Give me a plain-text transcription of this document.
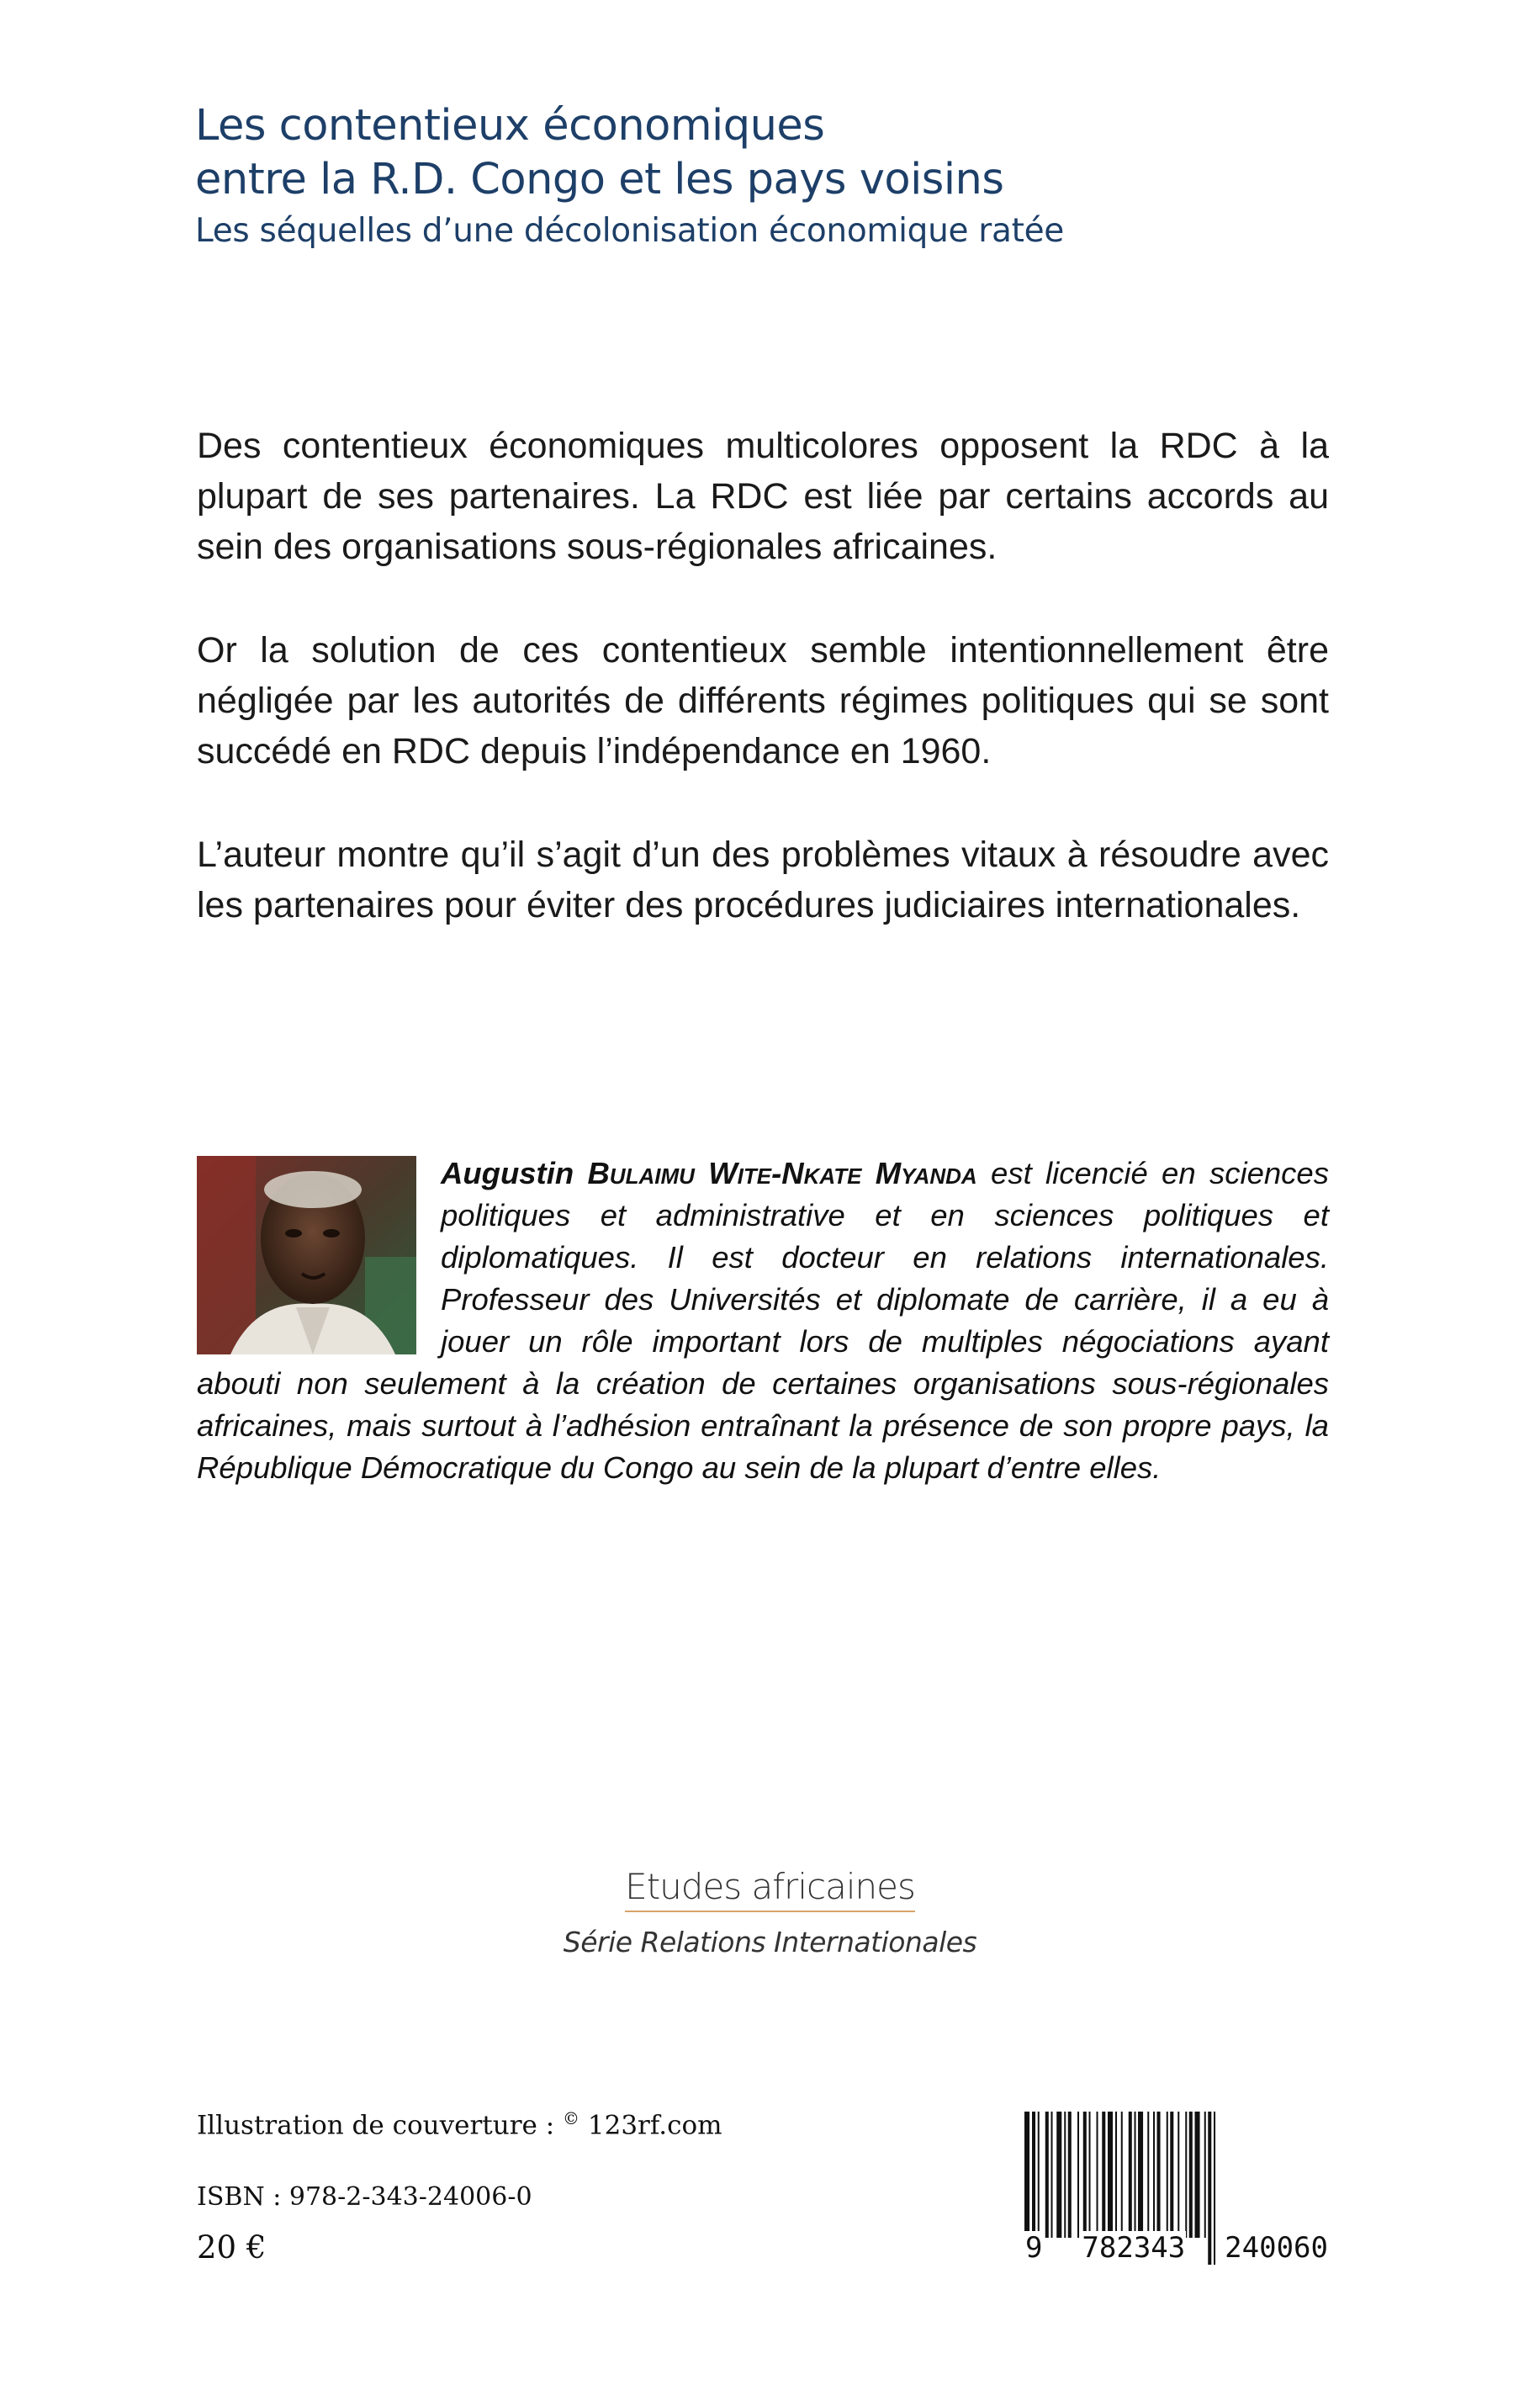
Les contentieux économiques
entre la R.D. Congo et les pays voisins
Les séquelles d’une décolonisation économique ratée

Des contentieux économiques multicolores opposent la RDC à la plupart de ses partenaires. La RDC est liée par certains accords au sein des organisations sous-régionales africaines.

Or la solution de ces contentieux semble intentionnellement être négligée par les autorités de différents régimes politiques qui se sont succédé en RDC depuis l’indépendance en 1960.

L’auteur montre qu’il s’agit d’un des problèmes vitaux à résoudre avec les partenaires pour éviter des procédures judiciaires internationales.

Augustin Bulaimu Wite-Nkate Myanda est licencié en sciences politiques et administrative et en sciences politiques et diplomatiques. Il est docteur en relations internationales. Professeur des Universités et diplomate de carrière, il a eu à jouer un rôle important lors de multiples négociations ayant abouti non seulement à la création de certaines organisations sous-régionales africaines, mais surtout à l’adhésion entraînant la présence de son propre pays, la République Démocratique du Congo au sein de la plupart d’entre elles.
Etudes africaines
Série Relations Internationales
Illustration de couverture : © 123rf.com
ISBN : 978-2-343-24006-0
20 €	9 782343 240060
